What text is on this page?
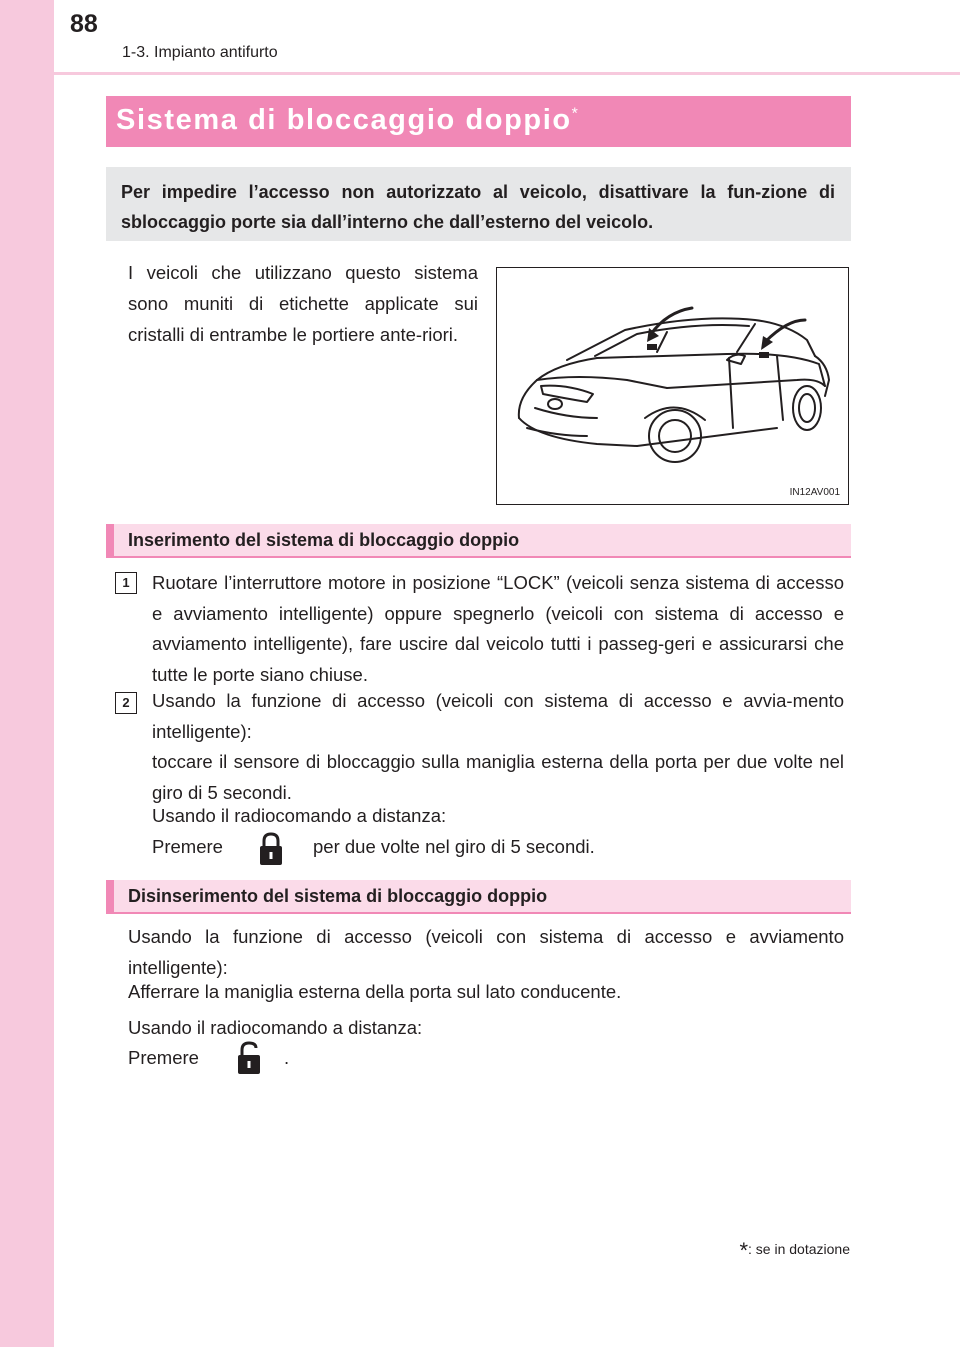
88
1-3. Impianto antifurto
Sistema di bloccaggio doppio*
Per impedire l’accesso non autorizzato al veicolo, disattivare la fun-zione di sbloccaggio porte sia dall’interno che dall’esterno del veicolo.
I veicoli che utilizzano questo sistema sono muniti di etichette applicate sui cristalli di entrambe le portiere ante-riori.
IN12AV001
Inserimento del sistema di bloccaggio doppio
1	Ruotare l’interruttore motore in posizione “LOCK” (veicoli senza sistema di accesso e avviamento intelligente) oppure spegnerlo (veicoli con sistema di accesso e avviamento intelligente), fare uscire dal veicolo tutti i passeg-geri e assicurarsi che tutte le porte siano chiuse.
2	Usando la funzione di accesso (veicoli con sistema di accesso e avvia-mento intelligente):
toccare il sensore di bloccaggio sulla maniglia esterna della porta per due volte nel giro di 5 secondi.
Usando il radiocomando a distanza:
Premere	per due volte nel giro di 5 secondi.
Disinserimento del sistema di bloccaggio doppio
Usando la funzione di accesso (veicoli con sistema di accesso e avviamento intelligente):
Afferrare la maniglia esterna della porta sul lato conducente.
Usando il radiocomando a distanza:
Premere	.
*: se in dotazione
